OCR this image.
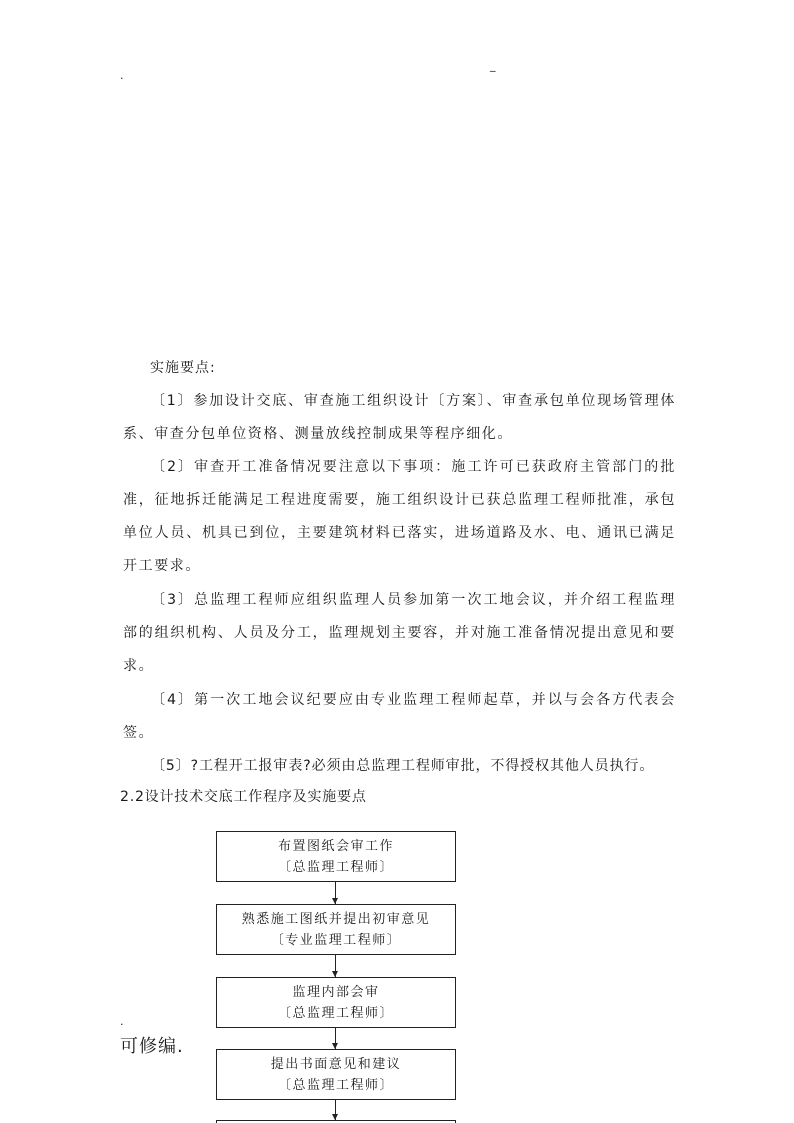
.
_
实施要点:

〔1〕参加设计交底、审查施工组织设计〔方案〕、审查承包单位现场管理体系、审查分包单位资格、测量放线控制成果等程序细化。

〔2〕审查开工准备情况要注意以下事项：施工许可已获政府主管部门的批准，征地拆迁能满足工程进度需要，施工组织设计已获总监理工程师批准，承包单位人员、机具已到位，主要建筑材料已落实，进场道路及水、电、通讯已满足开工要求。

〔3〕总监理工程师应组织监理人员参加第一次工地会议，并介绍工程监理部的组织机构、人员及分工，监理规划主要容，并对施工准备情况提出意见和要求。

〔4〕第一次工地会议纪要应由专业监理工程师起草，并以与会各方代表会签。

〔5〕?工程开工报审表?必须由总监理工程师审批，不得授权其他人员执行。

2.2设计技术交底工作程序及实施要点
布置图纸会审工作
〔总监理工程师〕
熟悉施工图纸并提出初审意见
〔专业监理工程师〕
监理内部会审
〔总监理工程师〕
提出书面意见和建议
〔总监理工程师〕
.
可修编.
